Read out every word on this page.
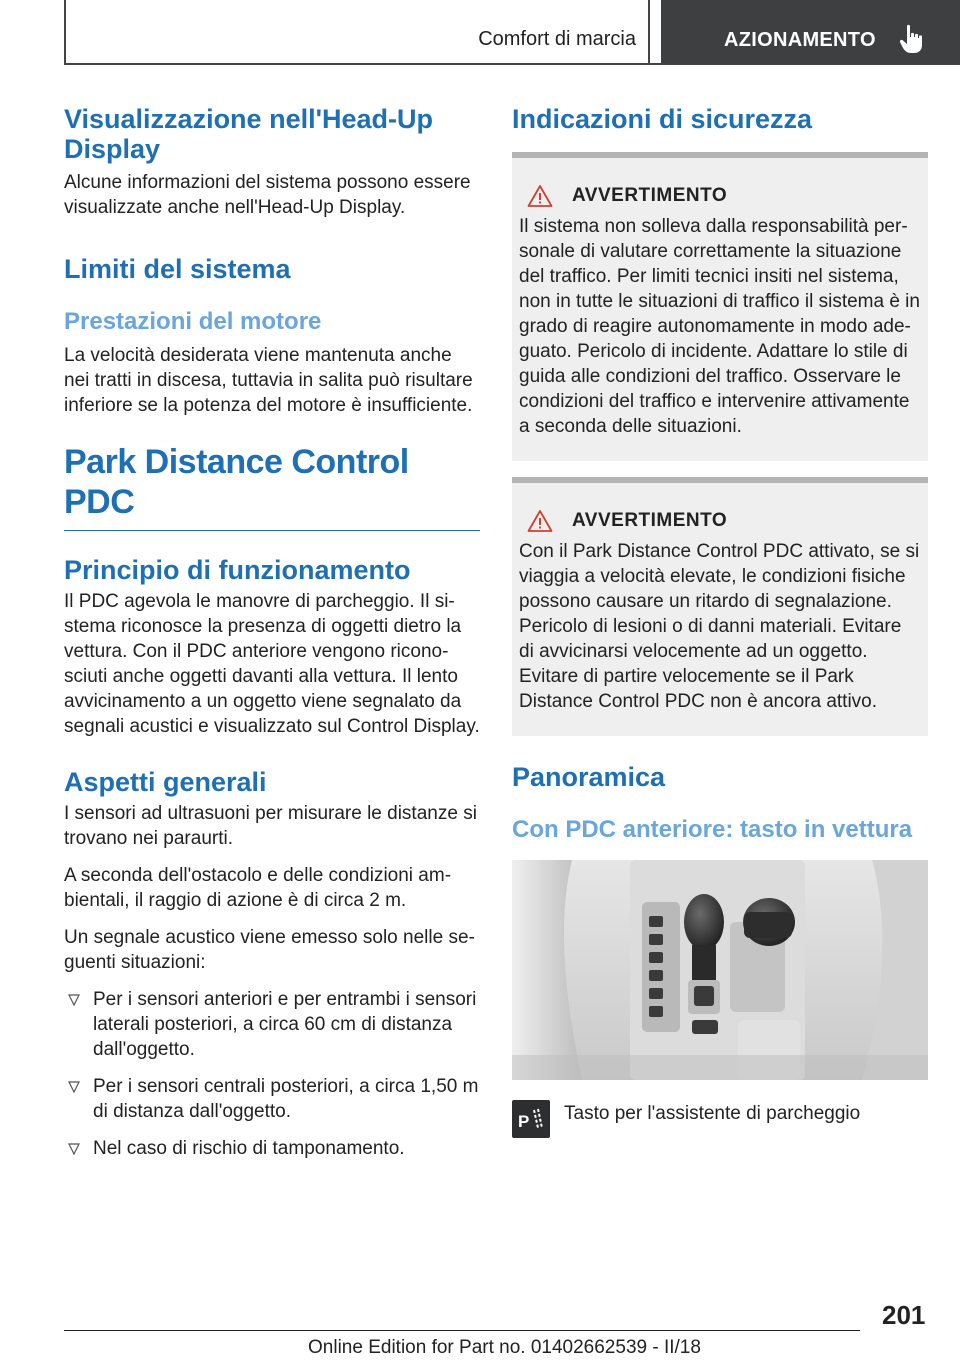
Comfort di marcia	AZIONAMENTO
Visualizzazione nell'Head-Up Display
Alcune informazioni del sistema possono essere visualizzate anche nell'Head-Up Display.
Limiti del sistema
Prestazioni del motore
La velocità desiderata viene mantenuta anche nei tratti in discesa, tuttavia in salita può risultare inferiore se la potenza del motore è insufficiente.
Park Distance Control PDC
Principio di funzionamento
Il PDC agevola le manovre di parcheggio. Il sistema riconosce la presenza di oggetti dietro la vettura. Con il PDC anteriore vengono riconosciuti anche oggetti davanti alla vettura. Il lento avvicinamento a un oggetto viene segnalato da segnali acustici e visualizzato sul Control Display.
Aspetti generali
I sensori ad ultrasuoni per misurare le distanze si trovano nei paraurti.
A seconda dell'ostacolo e delle condizioni ambientali, il raggio di azione è di circa 2 m.
Un segnale acustico viene emesso solo nelle seguenti situazioni:
Per i sensori anteriori e per entrambi i sensori laterali posteriori, a circa 60 cm di distanza dall'oggetto.
Per i sensori centrali posteriori, a circa 1,50 m di distanza dall'oggetto.
Nel caso di rischio di tamponamento.
Indicazioni di sicurezza
AVVERTIMENTO
Il sistema non solleva dalla responsabilità personale di valutare correttamente la situazione del traffico. Per limiti tecnici insiti nel sistema, non in tutte le situazioni di traffico il sistema è in grado di reagire autonomamente in modo adeguato. Pericolo di incidente. Adattare lo stile di guida alle condizioni del traffico. Osservare le condizioni del traffico e intervenire attivamente a seconda delle situazioni.
AVVERTIMENTO
Con il Park Distance Control PDC attivato, se si viaggia a velocità elevate, le condizioni fisiche possono causare un ritardo di segnalazione. Pericolo di lesioni o di danni materiali. Evitare di avvicinarsi velocemente ad un oggetto. Evitare di partire velocemente se il Park Distance Control PDC non è ancora attivo.
Panoramica
Con PDC anteriore: tasto in vettura
P Tasto per l'assistente di parcheggio
201
Online Edition for Part no. 01402662539 - II/18
